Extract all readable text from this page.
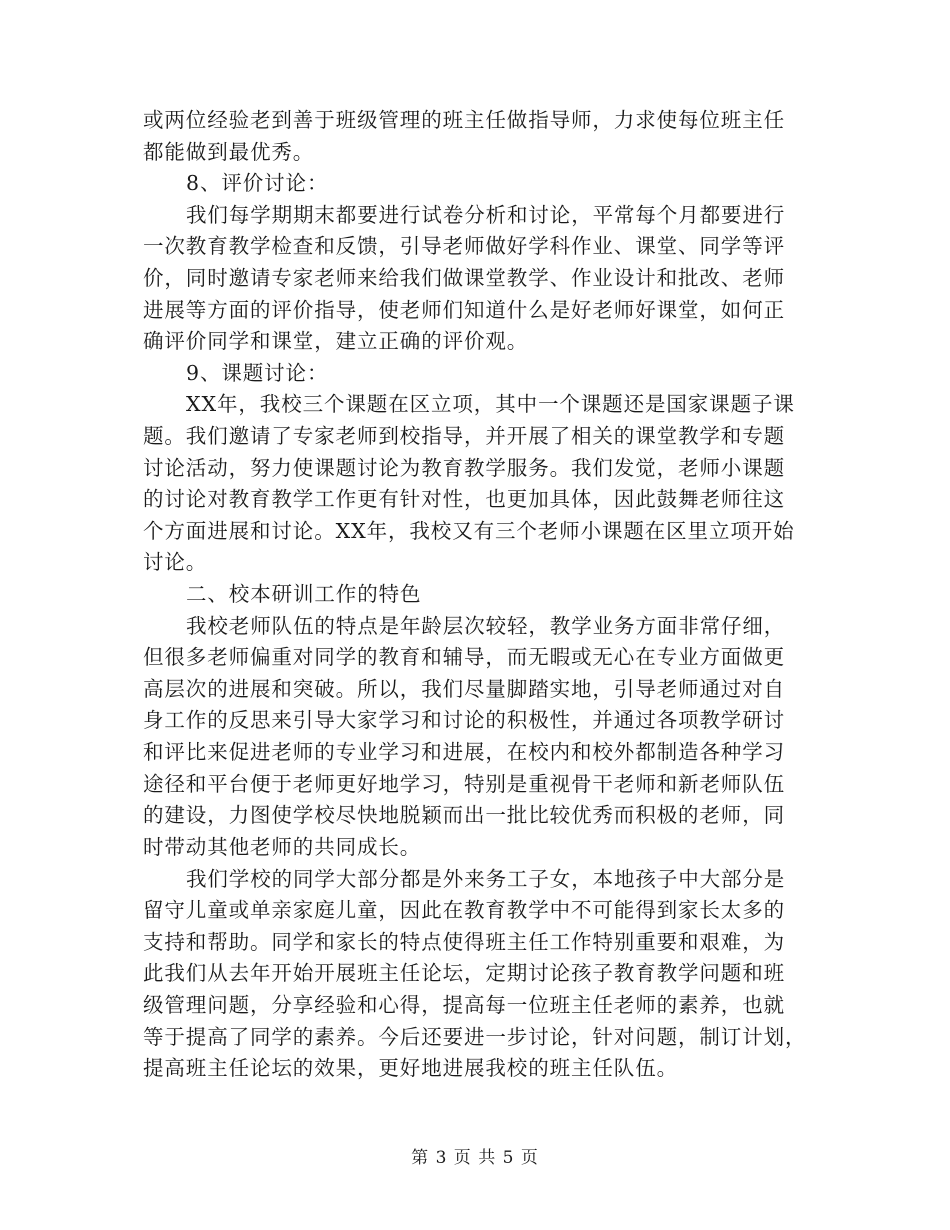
或两位经验老到善于班级管理的班主任做指导师，力求使每位班主任
都能做到最优秀。
8、评价讨论：
我们每学期期末都要进行试卷分析和讨论，平常每个月都要进行
一次教育教学检查和反馈，引导老师做好学科作业、课堂、同学等评
价，同时邀请专家老师来给我们做课堂教学、作业设计和批改、老师
进展等方面的评价指导，使老师们知道什么是好老师好课堂，如何正
确评价同学和课堂，建立正确的评价观。
9、课题讨论：
XX年，我校三个课题在区立项，其中一个课题还是国家课题子课
题。我们邀请了专家老师到校指导，并开展了相关的课堂教学和专题
讨论活动，努力使课题讨论为教育教学服务。我们发觉，老师小课题
的讨论对教育教学工作更有针对性，也更加具体，因此鼓舞老师往这
个方面进展和讨论。XX年，我校又有三个老师小课题在区里立项开始
讨论。
二、校本研训工作的特色
我校老师队伍的特点是年龄层次较轻，教学业务方面非常仔细，
但很多老师偏重对同学的教育和辅导，而无暇或无心在专业方面做更
高层次的进展和突破。所以，我们尽量脚踏实地，引导老师通过对自
身工作的反思来引导大家学习和讨论的积极性，并通过各项教学研讨
和评比来促进老师的专业学习和进展，在校内和校外都制造各种学习
途径和平台便于老师更好地学习，特别是重视骨干老师和新老师队伍
的建设，力图使学校尽快地脱颖而出一批比较优秀而积极的老师，同
时带动其他老师的共同成长。
我们学校的同学大部分都是外来务工子女，本地孩子中大部分是
留守儿童或单亲家庭儿童，因此在教育教学中不可能得到家长太多的
支持和帮助。同学和家长的特点使得班主任工作特别重要和艰难，为
此我们从去年开始开展班主任论坛，定期讨论孩子教育教学问题和班
级管理问题，分享经验和心得，提高每一位班主任老师的素养，也就
等于提高了同学的素养。今后还要进一步讨论，针对问题，制订计划，
提高班主任论坛的效果，更好地进展我校的班主任队伍。
第 3 页 共 5 页
